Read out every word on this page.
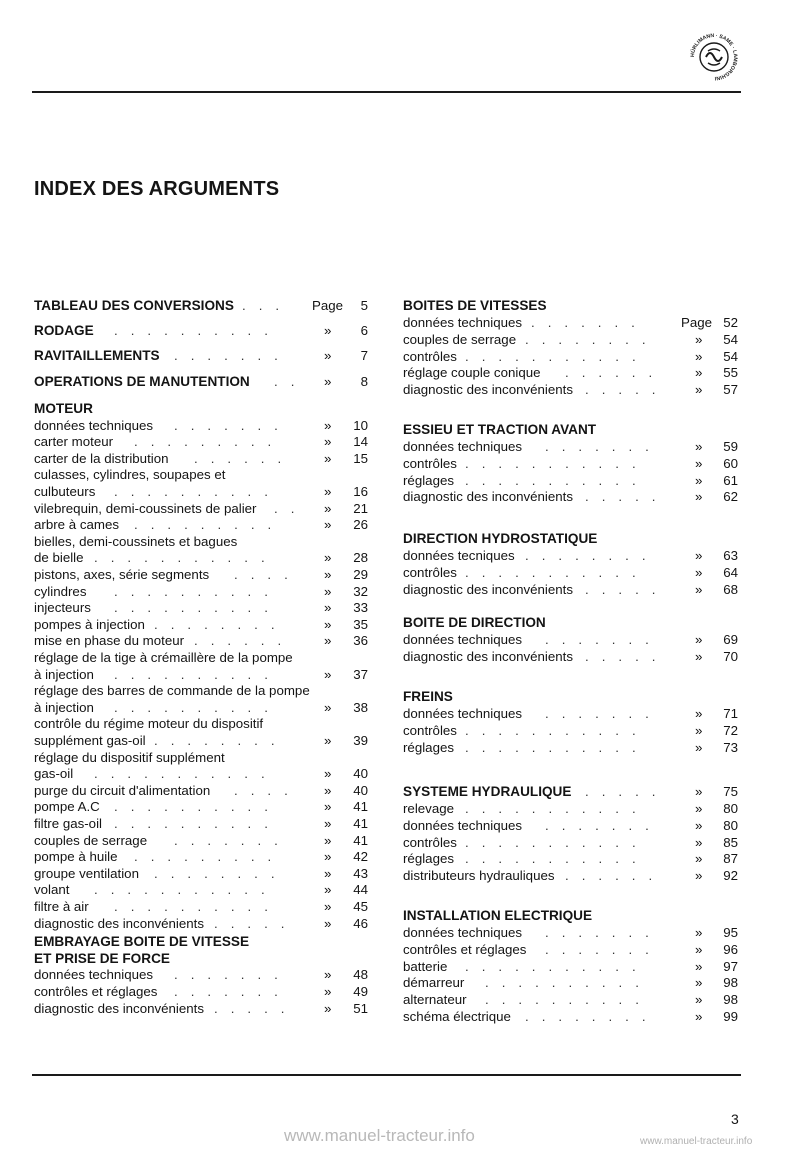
HÜRLIMANN · SAME · LAMBORGHINI
INDEX DES ARGUMENTS
TABLEAU DES CONVERSIONS ... Page	5
RODAGE ..........	»	6
RAVITAILLEMENTS ....... »	7
OPERATIONS DE MANUTENTION .. »	8
MOTEUR
données techniques ....... »	10
carter moteur .........	»	14
carter de la distribution ...... »	15
culasses, cylindres, soupapes et
culbuteurs ..........	»	16
vilebrequin, demi-coussinets de palier .. »	21
arbre à cames .........	»	26
bielles, demi-coussinets et bagues
de bielle ...........	»	28
pistons, axes, série segments .... »	29
cylindres ..........	»	32
injecteurs ..........	»	33
pompes à injection ........	»	35
mise en phase du moteur ...... »	36
réglage de la tige à crémaillère de la pompe
à injection ..........	»	37
réglage des barres de commande de la pompe
à injection ..........	»	38
contrôle du régime moteur du dispositif
supplément gas-oil ........	»	39
réglage du dispositif supplément
gas-oil ...........	»	40
purge du circuit d'alimentation .... »	40
pompe A.C ..........	»	41
filtre gas-oil ..........	»	41
couples de serrage ....... »	41
pompe à huile .........	»	42
groupe ventilation ........	»	43
volant ...........	»	44
filtre à air ..........	»	45
diagnostic des inconvénients ..... »	46
EMBRAYAGE BOITE DE VITESSE
ET PRISE DE FORCE
données techniques ....... »	48
contrôles et réglages ....... »	49
diagnostic des inconvénients ..... »	51
BOITES DE VITESSES
données techniques ....... Page 52
couples de serrage ........	»	54
contrôles ...........	»	54
réglage couple conique ...... »	55
diagnostic des inconvénients ..... »	57
ESSIEU ET TRACTION AVANT
données techniques ....... »	59
contrôles ...........	»	60
réglages ...........	»	61
diagnostic des inconvénients ..... »	62
DIRECTION HYDROSTATIQUE
données tecniques ........	»	63
contrôles ...........	»	64
diagnostic des inconvénients ..... »	68
BOITE DE DIRECTION
données techniques ....... »	69
diagnostic des inconvénients ..... »	70
FREINS
données techniques ....... »	71
contrôles ...........	»	72
réglages ...........	»	73
SYSTEME HYDRAULIQUE ..... »	75
relevage ...........	»	80
données techniques ....... »	80
contrôles ...........	»	85
réglages ...........	»	87
distributeurs hydrauliques ...... »	92
INSTALLATION ELECTRIQUE
données techniques ....... »	95
contrôles et réglages ....... »	96
batterie ...........	»	97
démarreur ..........	»	98
alternateur ..........	»	98
schéma électrique ........	»	99
3
www.manuel-tracteur.info	www.manuel-tracteur.info
